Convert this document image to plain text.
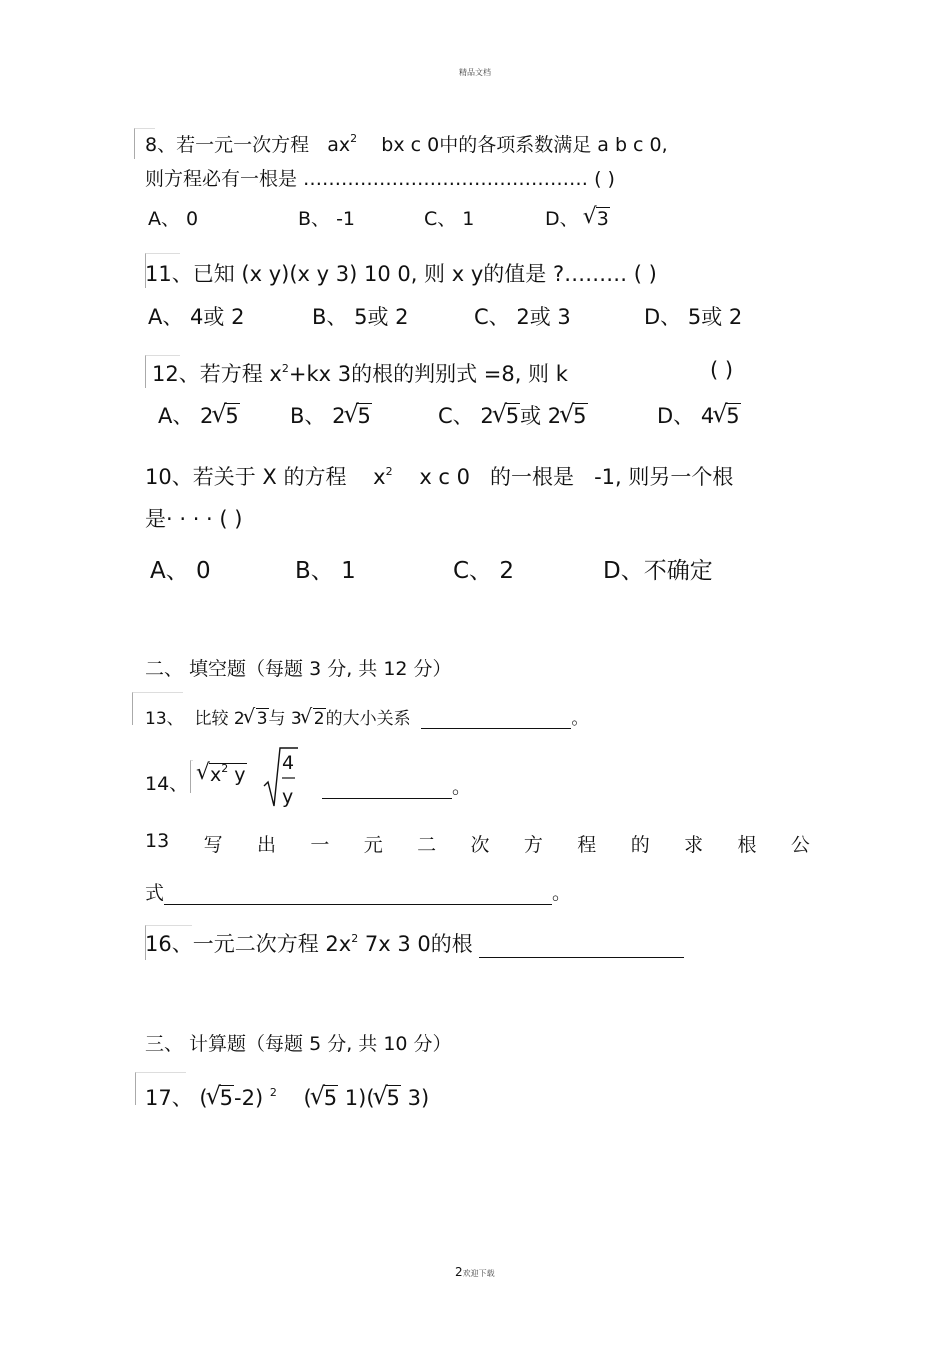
精品文档
8、若一元一次方程 $ax^2$ bx c 0中的各项系数满足 a b c 0,
则方程必有一根是 ……………………………………… ( )
A、 0	B、 -1	C、 1	D、 √ 3
11、已知 (x y)(x y 3) 10 0, 则 x y的值是 ?……… ( )
A、 4或 2	B、 5或 2	C、 2或 3	D、 5或 2
12、若方程 $x^2+kx$ 3的根的判别式 =8, 则 k	( )
A、 2 √ 5 B、 2 √ 5	C、 2 √ 5或 2 √ 5	D、 4 √ 5
10、若关于 X 的方程 $x^2$ x c 0 的一根是 -1, 则另一个根
是· · · · ( )
A、 0	B、 1	C、 2	D、不确定
二、 填空题（每题 3 分, 共 12 分）
13、 比较 2 √ 3与 3 √ 2的大小关系	。
14、	√ $x^2$ y
4
y	。
13 写 出 一 元 二 次 方 程 的 求 根 公
式	。
16、一元二次方程 $2x^2$ 7x 3 0的根
三、 计算题（每题 5 分, 共 10 分）
17、 ( √ 5-2) $^2$ ( √ 5 1)( √ 5 3)
2欢迎下载
